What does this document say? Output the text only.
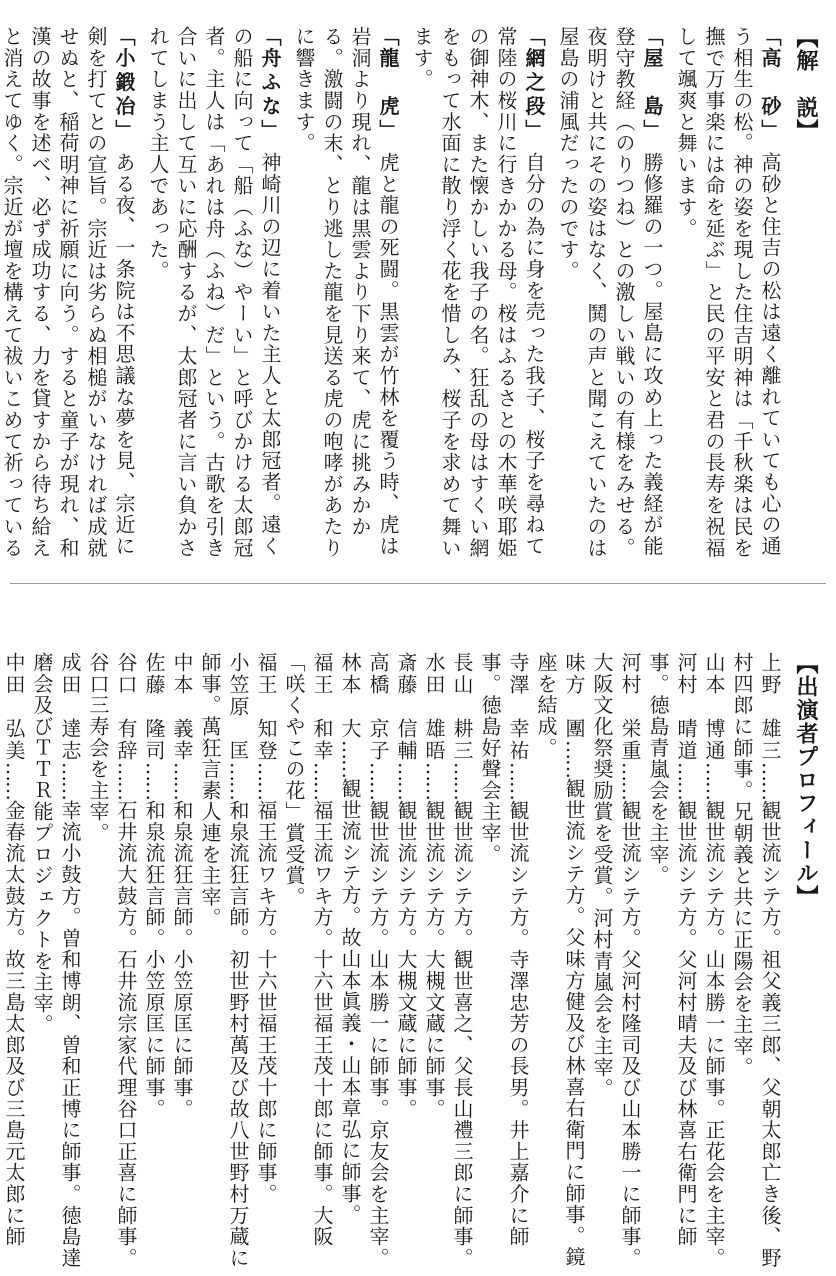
【解　説】
「高　砂」　高砂と住吉の松は遠く離れていても心の通う相生の松。神の姿を現した住吉明神は「千秋楽は民を撫で万事楽には命を延ぶ」と民の平安と君の長寿を祝福して颯爽と舞います。
「屋　島」　勝修羅の一つ。屋島に攻め上った義経が能登守教経（のりつね）との激しい戦いの有様をみせる。夜明けと共にその姿はなく、鬨の声と聞こえていたのは屋島の浦風だったのです。
「網之段」　自分の為に身を売った我子、桜子を尋ねて常陸の桜川に行きかかる母。桜はふるさとの木華咲耶姫の御神木、また懐かしい我子の名。狂乱の母はすくい網をもって水面に散り浮く花を惜しみ、桜子を求めて舞います。
「龍　虎」　虎と龍の死闘。黒雲が竹林を覆う時、虎は岩洞より現れ、龍は黒雲より下り来て、虎に挑みかかる。激闘の末、とり逃した龍を見送る虎の咆哮があたりに響きます。
「舟ふな」　神崎川の辺に着いた主人と太郎冠者。遠くの船に向って「船（ふな）やーい」と呼びかける太郎冠者。主人は「あれは舟（ふね）だ」という。古歌を引き合いに出して互いに応酬するが、太郎冠者に言い負かされてしまう主人であった。
「小鍛冶」　ある夜、一条院は不思議な夢を見、宗近に剣を打てとの宣旨。宗近は劣らぬ相槌がいなければ成就せぬと、稲荷明神に祈願に向う。すると童子が現れ、和漢の故事を述べ、必ず成功する、力を貸すから待ち給えと消えてゆく。宗近が壇を構えて祓いこめて祈っている
【出演者プロフィール】
上野　雄三……観世流シテ方。祖父義三郎、父朝太郎亡き後、野村四郎に師事。兄朝義と共に正陽会を主宰。
山本　博通……観世流シテ方。山本勝一に師事。正花会を主宰。
河村　晴道……観世流シテ方。父河村晴夫及び林喜右衛門に師事。徳島青嵐会を主宰。
河村　栄重……観世流シテ方。父河村隆司及び山本勝一に師事。大阪文化祭奨励賞を受賞。河村青嵐会を主宰。
味方　團……観世流シテ方。父味方健及び林喜右衛門に師事。鏡座を結成。
寺澤　幸祐……観世流シテ方。寺澤忠芳の長男。井上嘉介に師事。徳島好聲会主宰。
長山　耕三……観世流シテ方。観世喜之、父長山禮三郎に師事。
水田　雄晤……観世流シテ方。大槻文蔵に師事。
斎藤　信輔……観世流シテ方。大槻文蔵に師事。
高橋　京子……観世流シテ方。山本勝一に師事。京友会を主宰。
林本　大……観世流シテ方。故山本眞義・山本章弘に師事。
福王　和幸……福王流ワキ方。十六世福王茂十郎に師事。大阪「咲くやこの花」賞受賞。
福王　知登……福王流ワキ方。十六世福王茂十郎に師事。
小笠原　匡……和泉流狂言師。初世野村萬及び故八世野村万蔵に師事。萬狂言素人連を主宰。
中本　義幸……和泉流狂言師。小笠原匡に師事。
佐藤　隆司……和泉流狂言師。小笠原匡に師事。
谷口　有辞……石井流大鼓方。石井流宗家代理谷口正喜に師事。谷口三寿会を主宰。
成田　達志……幸流小鼓方。曽和博朗、曽和正博に師事。徳島達磨会及びＴＴＲ能プロジェクトを主宰。
中田　弘美……金春流太鼓方。故三島太郎及び三島元太郎に師
